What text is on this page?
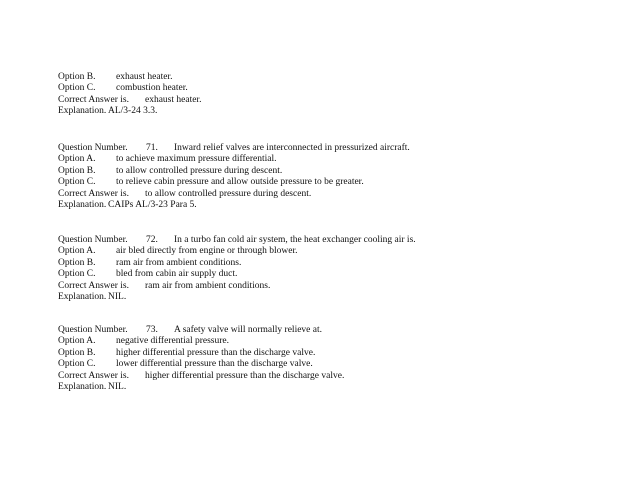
Option B. exhaust heater.
Option C. combustion heater.
Correct Answer is. exhaust heater.
Explanation. AL/3-24 3.3.
Question Number. 71. Inward relief valves are interconnected in pressurized aircraft.
Option A. to achieve maximum pressure differential.
Option B. to allow controlled pressure during descent.
Option C. to relieve cabin pressure and allow outside pressure to be greater.
Correct Answer is. to allow controlled pressure during descent.
Explanation. CAIPs AL/3-23 Para 5.
Question Number. 72. In a turbo fan cold air system, the heat exchanger cooling air is.
Option A. air bled directly from engine or through blower.
Option B. ram air from ambient conditions.
Option C. bled from cabin air supply duct.
Correct Answer is. ram air from ambient conditions.
Explanation. NIL.
Question Number. 73. A safety valve will normally relieve at.
Option A. negative differential pressure.
Option B. higher differential pressure than the discharge valve.
Option C. lower differential pressure than the discharge valve.
Correct Answer is. higher differential pressure than the discharge valve.
Explanation. NIL.
